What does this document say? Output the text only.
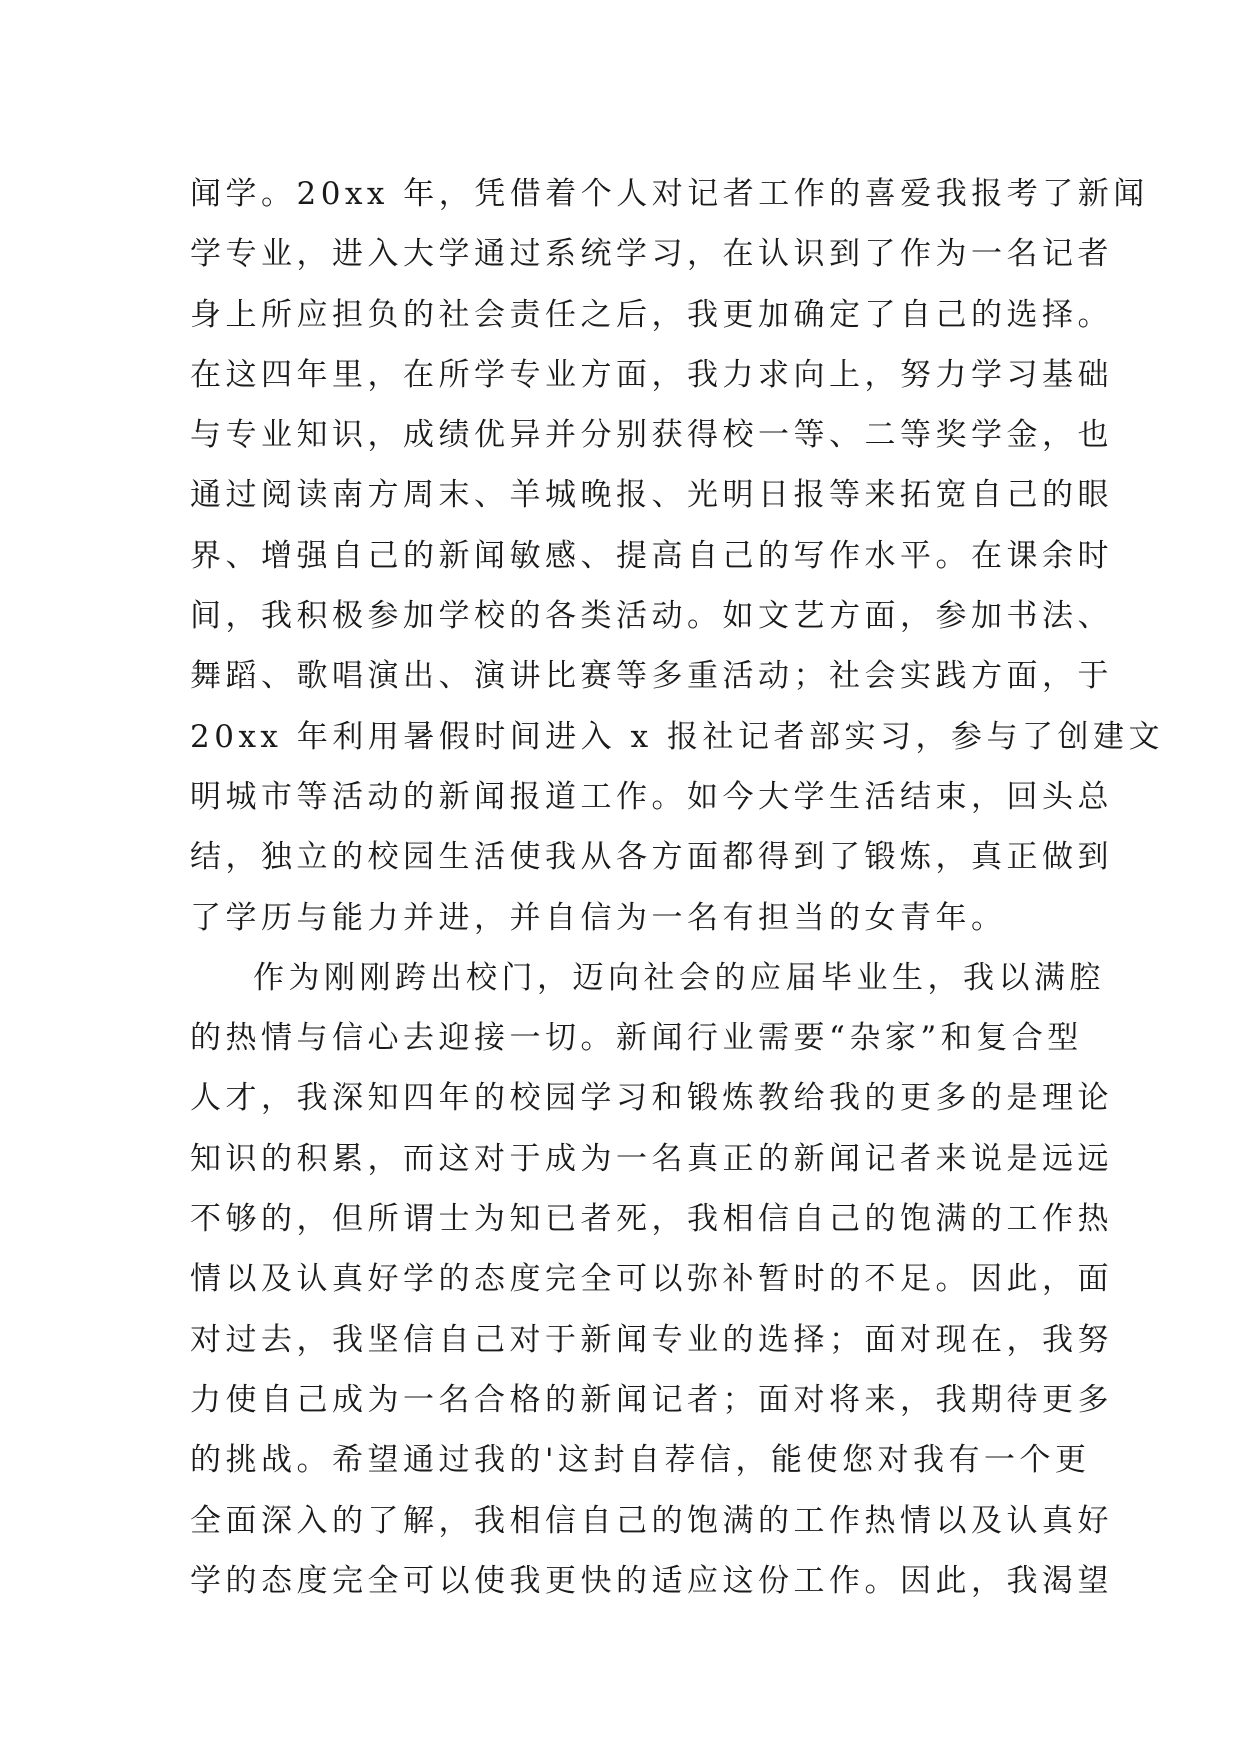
闻学。20xx 年，凭借着个人对记者工作的喜爱我报考了新闻
学专业，进入大学通过系统学习，在认识到了作为一名记者
身上所应担负的社会责任之后，我更加确定了自己的选择。
在这四年里，在所学专业方面，我力求向上，努力学习基础
与专业知识，成绩优异并分别获得校一等、二等奖学金，也
通过阅读南方周末、羊城晚报、光明日报等来拓宽自己的眼
界、增强自己的新闻敏感、提高自己的写作水平。在课余时
间，我积极参加学校的各类活动。如文艺方面，参加书法、
舞蹈、歌唱演出、演讲比赛等多重活动；社会实践方面，于
20xx 年利用暑假时间进入 x 报社记者部实习，参与了创建文
明城市等活动的新闻报道工作。如今大学生活结束，回头总
结，独立的校园生活使我从各方面都得到了锻炼，真正做到
了学历与能力并进，并自信为一名有担当的女青年。
作为刚刚跨出校门，迈向社会的应届毕业生，我以满腔
的热情与信心去迎接一切。新闻行业需要“杂家”和复合型
人才，我深知四年的校园学习和锻炼教给我的更多的是理论
知识的积累，而这对于成为一名真正的新闻记者来说是远远
不够的，但所谓士为知已者死，我相信自己的饱满的工作热
情以及认真好学的态度完全可以弥补暂时的不足。因此，面
对过去，我坚信自己对于新闻专业的选择；面对现在，我努
力使自己成为一名合格的新闻记者；面对将来，我期待更多
的挑战。希望通过我的'这封自荐信，能使您对我有一个更
全面深入的了解，我相信自己的饱满的工作热情以及认真好
学的态度完全可以使我更快的适应这份工作。因此，我渴望
